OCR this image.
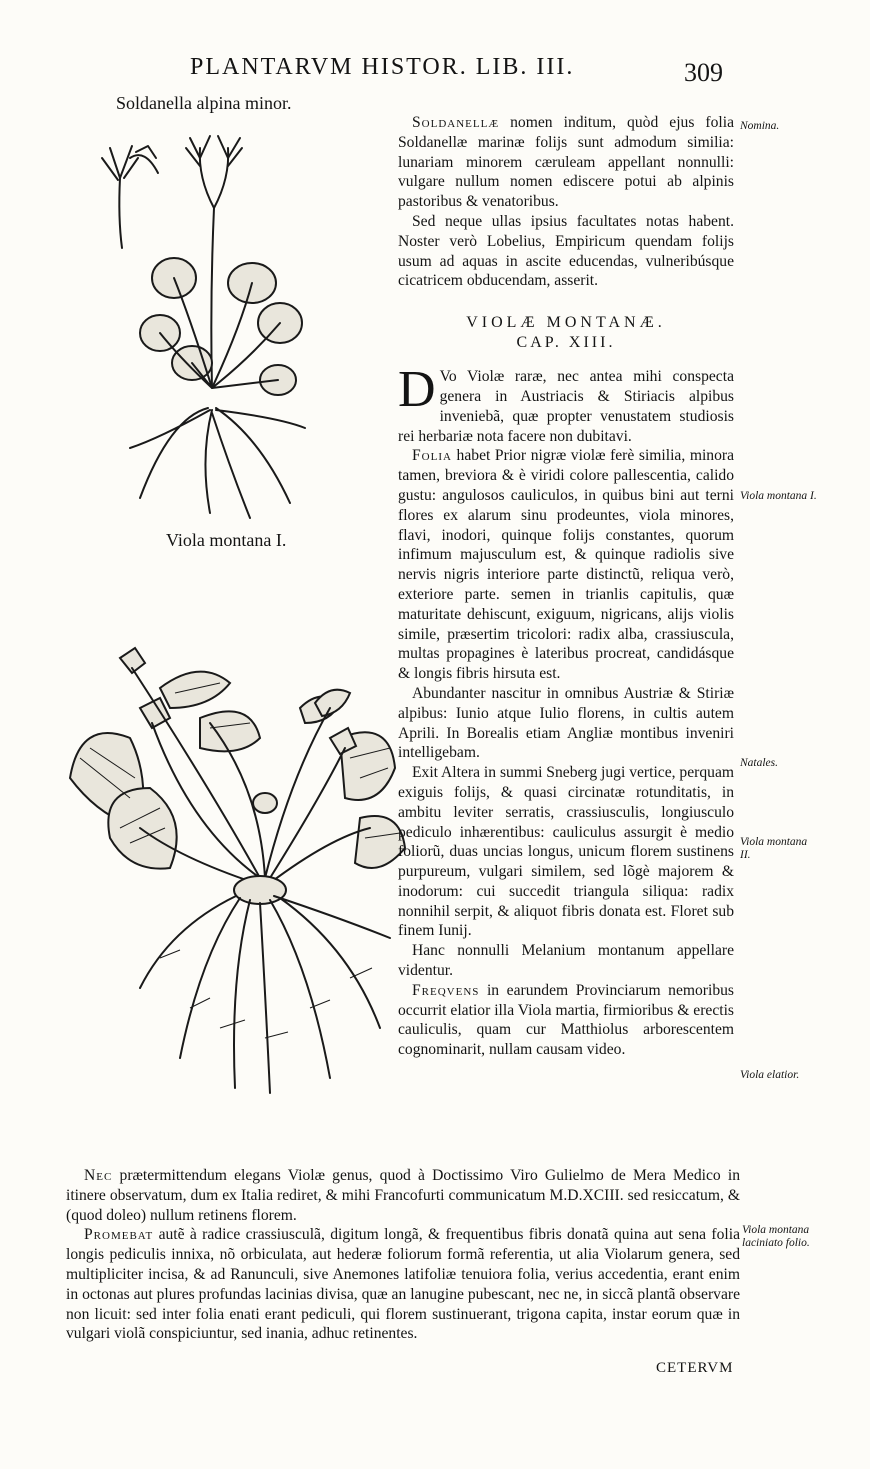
PLANTARVM HISTOR. LIB. III.	309
Soldanella alpina minor.
Viola montana I.

Soldanellæ nomen inditum, quòd ejus folia Soldanellæ marinæ folijs sunt admodum similia: lunariam minorem cæruleam appellant nonnulli: vulgare nullum nomen ediscere potui ab alpinis pastoribus & venatoribus.

Sed neque ullas ipsius facultates notas habent. Noster verò Lobelius, Empiricum quendam folijs usum ad aquas in ascite educendas, vulneribúsque cicatricem obducendam, asserit.

VIOLÆ MONTANÆ.
CAP. XIII.

D Vo Violæ raræ, nec antea mihi conspecta genera in Austriacis & Stiriacis alpibus inveniebã, quæ propter venustatem studiosis rei herbariæ nota facere non dubitavi.

Folia habet Prior nigræ violæ ferè similia, minora tamen, breviora & è viridi colore pallescentia, calido gustu: angulosos cauliculos, in quibus bini aut terni flores ex alarum sinu prodeuntes, viola minores, flavi, inodori, quinque folijs constantes, quorum infimum majusculum est, & quinque radiolis sive nervis nigris interiore parte distinctũ, reliqua verò, exteriore parte. semen in trianlis capitulis, quæ maturitate dehiscunt, exiguum, nigricans, alijs violis simile, præsertim tricolori: radix alba, crassiuscula, multas propagines è lateribus procreat, candidásque & longis fibris hirsuta est.

Abundanter nascitur in omnibus Austriæ & Stiriæ alpibus: Iunio atque Iulio florens, in cultis autem Aprili. In Borealis etiam Angliæ montibus inveniri intelligebam.

Exit Altera in summi Sneberg jugi vertice, perquam exiguis folijs, & quasi circinatæ rotunditatis, in ambitu leviter serratis, crassiusculis, longiusculo pediculo inhærentibus: cauliculus assurgit è medio foliorũ, duas uncias longus, unicum florem sustinens purpureum, vulgari similem, sed lõgè majorem & inodorum: cui succedit triangula siliqua: radix nonnihil serpit, & aliquot fibris donata est. Floret sub finem Iunij.

Hanc nonnulli Melanium montanum appellare videntur.

Freqvens in earundem Provinciarum nemoribus occurrit elatior illa Viola martia, firmioribus & erectis cauliculis, quam cur Matthiolus arborescentem cognominarit, nullam causam video.

Nomina.
Viola montana I.
Natales.
Viola montana II.
Viola elatior.
Viola montana laciniato folio.

Nec prætermittendum elegans Violæ genus, quod à Doctissimo Viro Gulielmo de Mera Medico in itinere observatum, dum ex Italia rediret, & mihi Francofurti communicatum M.D.XCIII. sed resiccatum, & (quod doleo) nullum retinens florem.

Promebat autẽ à radice crassiusculã, digitum longã, & frequentibus fibris donatã quina aut sena folia longis pediculis innixa, nõ orbiculata, aut hederæ foliorum formã referentia, ut alia Violarum genera, sed multipliciter incisa, & ad Ranunculi, sive Anemones latifoliæ tenuiora folia, verius accedentia, erant enim in octonas aut plures profundas lacinias divisa, quæ an lanugine pubescant, nec ne, in siccã plantã observare non licuit: sed inter folia enati erant pediculi, qui florem sustinuerant, trigona capita, instar eorum quæ in vulgari violã conspiciuntur, sed inania, adhuc retinentes.

CETERVM
